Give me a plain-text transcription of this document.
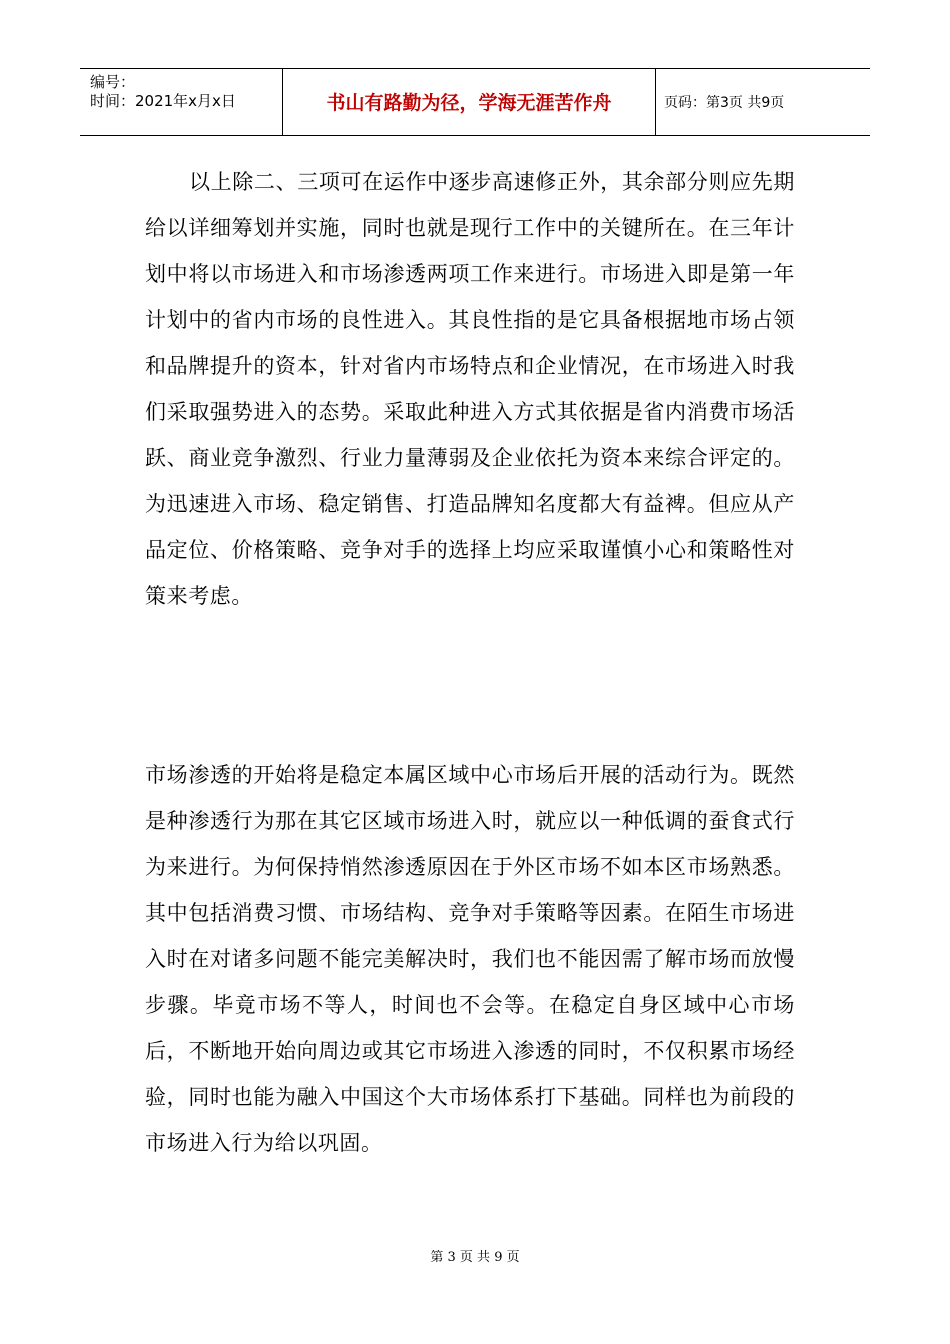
编号：
时间：2021年x月x日	书山有路勤为径，学海无涯苦作舟	页码：第3页 共9页

以上除二、三项可在运作中逐步高速修正外，其余部分则应先期给以详细筹划并实施，同时也就是现行工作中的关键所在。在三年计划中将以市场进入和市场渗透两项工作来进行。市场进入即是第一年计划中的省内市场的良性进入。其良性指的是它具备根据地市场占领和品牌提升的资本，针对省内市场特点和企业情况，在市场进入时我们采取强势进入的态势。采取此种进入方式其依据是省内消费市场活跃、商业竞争激烈、行业力量薄弱及企业依托为资本来综合评定的。为迅速进入市场、稳定销售、打造品牌知名度都大有益裨。但应从产品定位、价格策略、竞争对手的选择上均应采取谨慎小心和策略性对策来考虑。

市场渗透的开始将是稳定本属区域中心市场后开展的活动行为。既然是种渗透行为那在其它区域市场进入时，就应以一种低调的蚕食式行为来进行。为何保持悄然渗透原因在于外区市场不如本区市场熟悉。其中包括消费习惯、市场结构、竞争对手策略等因素。在陌生市场进入时在对诸多问题不能完美解决时，我们也不能因需了解市场而放慢步骤。毕竟市场不等人，时间也不会等。在稳定自身区域中心市场后，不断地开始向周边或其它市场进入渗透的同时，不仅积累市场经验，同时也能为融入中国这个大市场体系打下基础。同样也为前段的市场进入行为给以巩固。

第 3 页 共 9 页
